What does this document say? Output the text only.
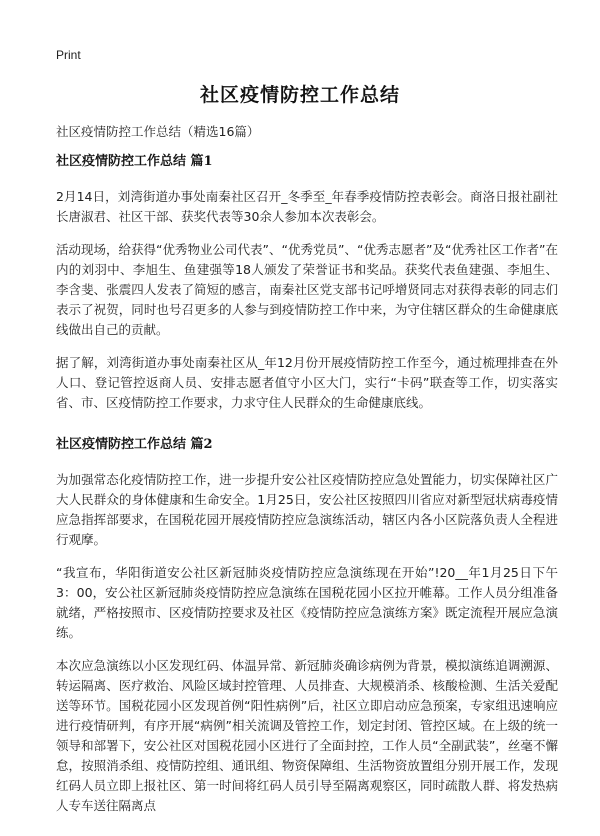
Print
社区疫情防控工作总结
社区疫情防控工作总结（精选16篇）
社区疫情防控工作总结 篇1

2月14日，刘湾街道办事处南秦社区召开_冬季至_年春季疫情防控表彰会。商洛日报社副社长唐淑君、社区干部、获奖代表等30余人参加本次表彰会。

活动现场，给获得“优秀物业公司代表”、“优秀党员”、“优秀志愿者”及“优秀社区工作者”在内的刘羽中、李旭生、鱼建强等18人颁发了荣誉证书和奖品。获奖代表鱼建强、李旭生、李含斐、张震四人发表了简短的感言，南秦社区党支部书记呼增贤同志对获得表彰的同志们表示了祝贺，同时也号召更多的人参与到疫情防控工作中来，为守住辖区群众的生命健康底线做出自己的贡献。

据了解，刘湾街道办事处南秦社区从_年12月份开展疫情防控工作至今，通过梳理排查在外人口、登记管控返商人员、安排志愿者值守小区大门，实行“卡码”联查等工作，切实落实省、市、区疫情防控工作要求，力求守住人民群众的生命健康底线。

社区疫情防控工作总结 篇2

为加强常态化疫情防控工作，进一步提升安公社区疫情防控应急处置能力，切实保障社区广大人民群众的身体健康和生命安全。1月25日，安公社区按照四川省应对新型冠状病毒疫情应急指挥部要求，在国税花园开展疫情防控应急演练活动，辖区内各小区院落负责人全程进行观摩。

“我宣布，华阳街道安公社区新冠肺炎疫情防控应急演练现在开始”!20__年1月25日下午3：00，安公社区新冠肺炎疫情防控应急演练在国税花园小区拉开帷幕。工作人员分组准备就绪，严格按照市、区疫情防控要求及社区《疫情防控应急演练方案》既定流程开展应急演练。

本次应急演练以小区发现红码、体温异常、新冠肺炎确诊病例为背景，模拟演练追调溯源、转运隔离、医疗救治、风险区域封控管理、人员排查、大规模消杀、核酸检测、生活关爱配送等环节。国税花园小区发现首例“阳性病例”后，社区立即启动应急预案，专家组迅速响应进行疫情研判，有序开展“病例”相关流调及管控工作，划定封闭、管控区域。在上级的统一领导和部署下，安公社区对国税花园小区进行了全面封控，工作人员“全副武装”，丝毫不懈怠，按照消杀组、疫情防控组、通讯组、物资保障组、生活物资放置组分别开展工作，发现红码人员立即上报社区、第一时间将红码人员引导至隔离观察区，同时疏散人群、将发热病人专车送往隔离点
